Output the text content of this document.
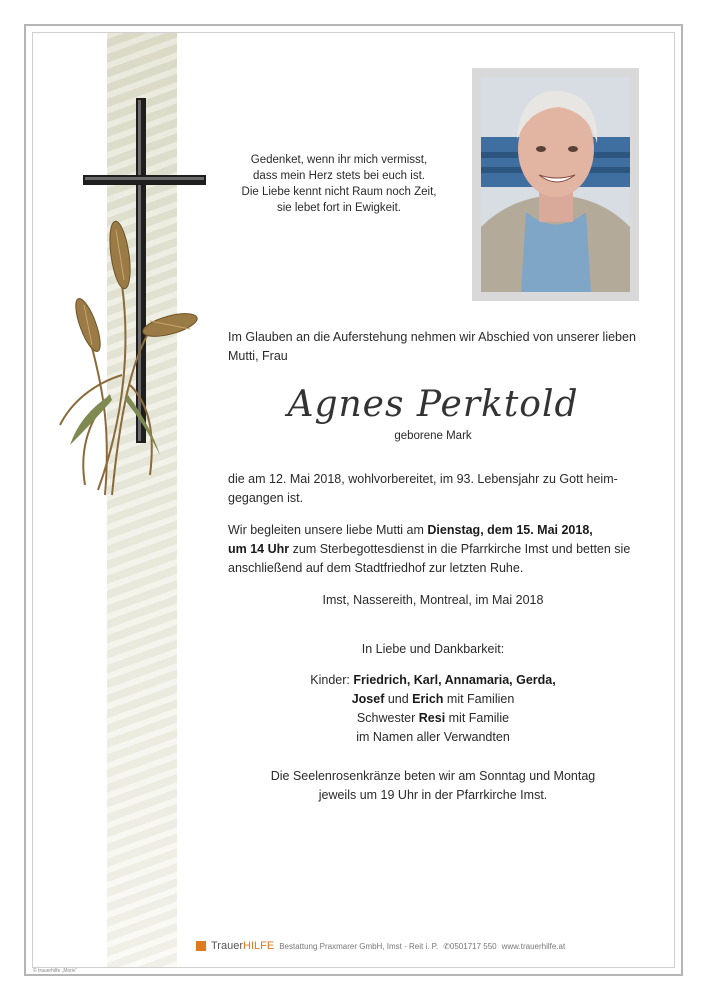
Gedenket, wenn ihr mich vermisst,
dass mein Herz stets bei euch ist.
Die Liebe kennt nicht Raum noch Zeit,
sie lebet fort in Ewigkeit.
Im Glauben an die Auferstehung nehmen wir Abschied von unserer lieben Mutti, Frau
Agnes Perktold
geborene Mark
die am 12. Mai 2018, wohlvorbereitet, im 93. Lebensjahr zu Gott heim-gegangen ist.
Wir begleiten unsere liebe Mutti am Dienstag, dem 15. Mai 2018,
um 14 Uhr zum Sterbegottesdienst in die Pfarrkirche Imst und betten sie anschließend auf dem Stadtfriedhof zur letzten Ruhe.
Imst, Nassereith, Montreal, im Mai 2018
In Liebe und Dankbarkeit:
Kinder: Friedrich, Karl, Annamaria, Gerda,
Josef und Erich mit Familien
Schwester Resi mit Familie
im Namen aller Verwandten
Die Seelenrosenkränze beten wir am Sonntag und Montag
jeweils um 19 Uhr in der Pfarrkirche Imst.
TrauerHILFE Bestattung Praxmarer GmbH, Imst - Reit i. P. ✆0501717 550 www.trauerhilfe.at
© trauerhilfe „Motiv“
